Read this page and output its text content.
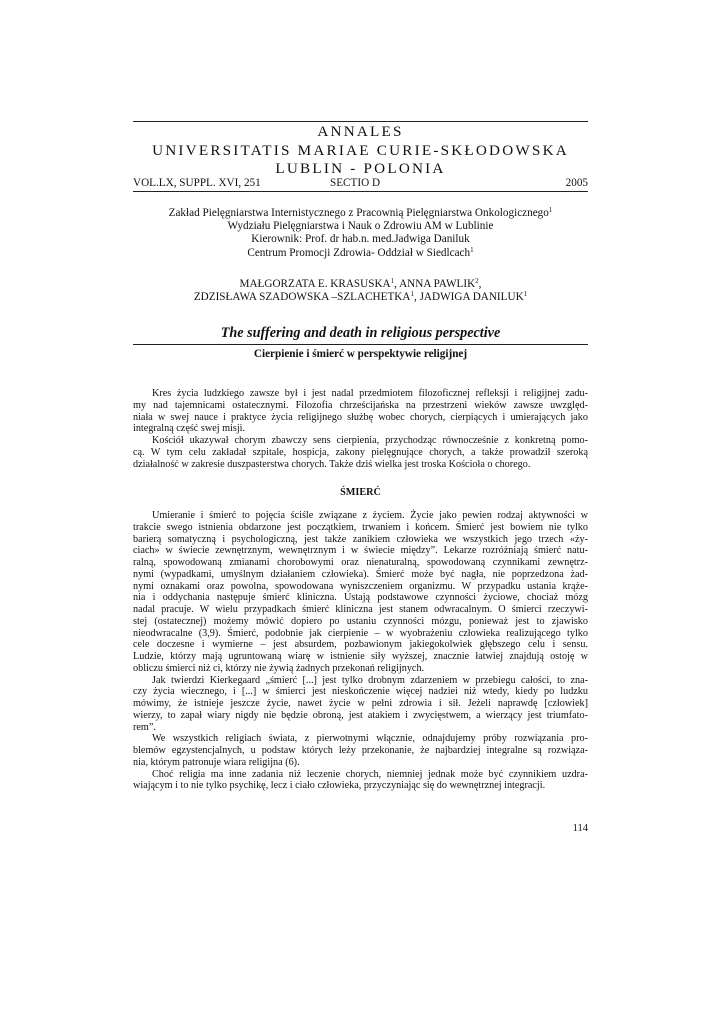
ANNALES
UNIVERSITATIS MARIAE CURIE-SKŁODOWSKA
LUBLIN - POLONIA
VOL.LX, SUPPL. XVI, 251	SECTIO D	2005
Zakład Pielęgniarstwa Internistycznego z Pracownią Pielęgniarstwa Onkologicznego$^1$
Wydziału Pielęgniarstwa i Nauk o Zdrowiu AM w Lublinie
Kierownik: Prof. dr hab.n. med.Jadwiga Daniluk
Centrum Promocji Zdrowia- Oddział w Siedlcach$^1$
MAŁGORZATA E. KRASUSKA$^1$, ANNA PAWLIK$^2$,
ZDZISŁAWA SZADOWSKA –SZLACHETKA$^1$, JADWIGA DANILUK$^1$
The suffering and death in religious perspective
Cierpienie i śmierć w perspektywie religijnej
Kres życia ludzkiego zawsze był i jest nadal przedmiotem filozoficznej refleksji i religijnej zadu-
my nad tajemnicami ostatecznymi. Filozofia chrześcijańska na przestrzeni wieków zawsze uwzględ-
niała w swej nauce i praktyce życia religijnego służbę wobec chorych, cierpiących i umierających jako
integralną część swej misji.
Kościół ukazywał chorym zbawczy sens cierpienia, przychodząc równocześnie z konkretną pomo-
cą. W tym celu zakładał szpitale, hospicja, zakony pielęgnujące chorych, a także prowadził szeroką
działalność w zakresie duszpasterstwa chorych. Także dziś wielka jest troska Kościoła o chorego.
ŚMIERĆ
Umieranie i śmierć to pojęcia ściśle związane z życiem. Życie jako pewien rodzaj aktywności w
trakcie swego istnienia obdarzone jest początkiem, trwaniem i końcem. Śmierć jest bowiem nie tylko
barierą somatyczną i psychologiczną, jest także zanikiem człowieka we wszystkich jego trzech «ży-
ciach» w świecie zewnętrznym, wewnętrznym i w świecie między”. Lekarze rozróżniają śmierć natu-
ralną, spowodowaną zmianami chorobowymi oraz nienaturalną, spowodowaną czynnikami zewnętrz-
nymi (wypadkami, umyślnym działaniem człowieka). Śmierć może być nagła, nie poprzedzona żad-
nymi oznakami oraz powolna, spowodowana wyniszczeniem organizmu. W przypadku ustania krąże-
nia i oddychania następuje śmierć kliniczna. Ustają podstawowe czynności życiowe, chociaż mózg
nadal pracuje. W wielu przypadkach śmierć kliniczna jest stanem odwracalnym. O śmierci rzeczywi-
stej (ostatecznej) możemy mówić dopiero po ustaniu czynności mózgu, ponieważ jest to zjawisko
nieodwracalne (3,9). Śmierć, podobnie jak cierpienie – w wyobrażeniu człowieka realizującego tylko
cele doczesne i wymierne – jest absurdem, pozbawionym jakiegokolwiek głębszego celu i sensu.
Ludzie, którzy mają ugruntowaną wiarę w istnienie siły wyższej, znacznie łatwiej znajdują ostoję w
obliczu śmierci niż ci, którzy nie żywią żadnych przekonań religijnych.
Jak twierdzi Kierkegaard „śmierć [...] jest tylko drobnym zdarzeniem w przebiegu całości, to zna-
czy życia wiecznego, i [...] w śmierci jest nieskończenie więcej nadziei niż wtedy, kiedy po ludzku
mówimy, że istnieje jeszcze życie, nawet życie w pełni zdrowia i sił. Jeżeli naprawdę [człowiek]
wierzy, to zapał wiary nigdy nie będzie obroną, jest atakiem i zwycięstwem, a wierzący jest triumfato-
rem”.
We wszystkich religiach świata, z pierwotnymi włącznie, odnajdujemy próby rozwiązania pro-
blemów egzystencjalnych, u podstaw których leży przekonanie, że najbardziej integralne są rozwiąza-
nia, którym patronuje wiara religijna (6).
Choć religia ma inne zadania niż leczenie chorych, niemniej jednak może być czynnikiem uzdra-
wiającym i to nie tylko psychikę, lecz i ciało człowieka, przyczyniając się do wewnętrznej integracji.
114
